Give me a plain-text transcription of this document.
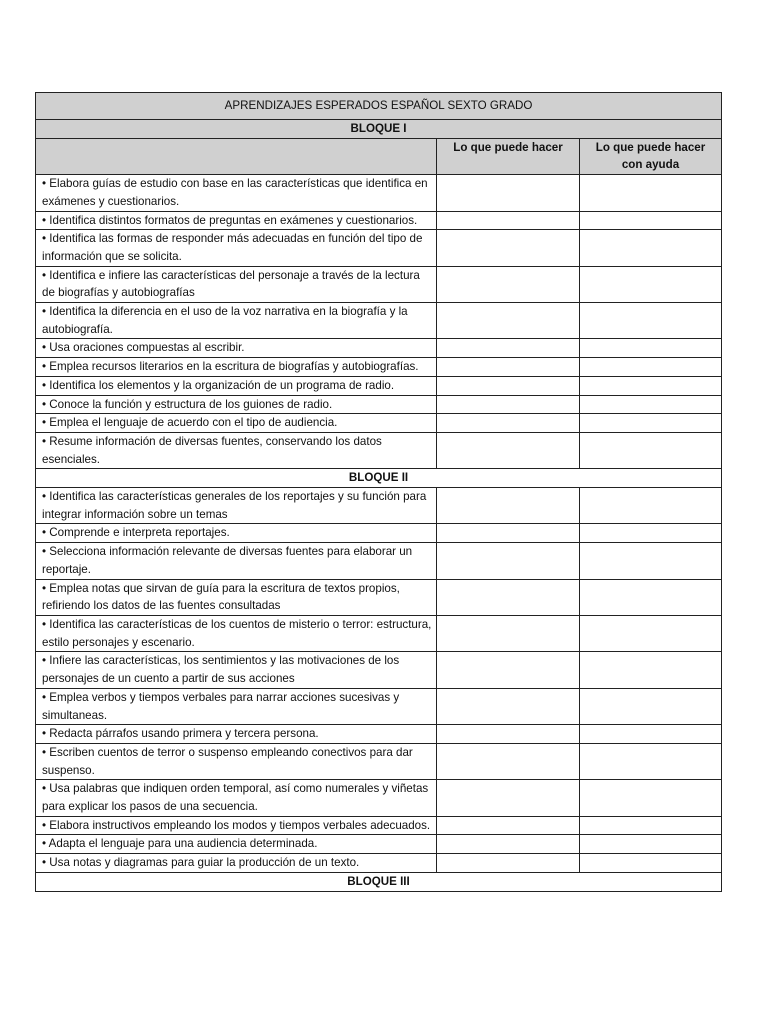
APRENDIZAJES ESPERADOS ESPAÑOL SEXTO GRADO		
BLOQUE I		
	Lo que puede hacer	Lo que puede hacer con ayuda
• Elabora guías de estudio con base en las características que identifica en exámenes y cuestionarios.		
• Identifica distintos formatos de preguntas en exámenes y cuestionarios.		
• Identifica las formas de responder más adecuadas en función del tipo de información que se solicita.		
• Identifica e infiere las características del personaje a través de la lectura de biografías y autobiografías		
• Identifica la diferencia en el uso de la voz narrativa en la biografía y la autobiografía.		
• Usa oraciones compuestas al escribir.		
• Emplea recursos literarios en la escritura de biografías y autobiografías.		
• Identifica los elementos y la organización de un programa de radio.		
• Conoce la función y estructura de los guiones de radio.		
• Emplea el lenguaje de acuerdo con el tipo de audiencia.		
• Resume información de diversas fuentes, conservando los datos esenciales.		
BLOQUE II		
• Identifica las características generales de los reportajes y su función para integrar información sobre un temas		
• Comprende e interpreta reportajes.		
• Selecciona información relevante de diversas fuentes para elaborar un reportaje.		
• Emplea notas que sirvan de guía para la escritura de textos propios, refiriendo los datos de las fuentes consultadas		
• Identifica las características de los cuentos de misterio o terror: estructura, estilo personajes y escenario.		
• Infiere las características, los sentimientos y las motivaciones de los personajes de un cuento a partir de sus acciones		
• Emplea verbos y tiempos verbales para narrar acciones sucesivas y simultaneas.		
• Redacta párrafos usando primera y tercera persona.		
• Escriben cuentos de terror o suspenso empleando conectivos para dar suspenso.		
• Usa palabras que indiquen orden temporal, así como numerales y viñetas para explicar los pasos de una secuencia.		
• Elabora instructivos empleando los modos y tiempos verbales adecuados.		
• Adapta el lenguaje para una audiencia determinada.		
• Usa notas y diagramas para guiar la producción de un texto.		
BLOQUE III		
